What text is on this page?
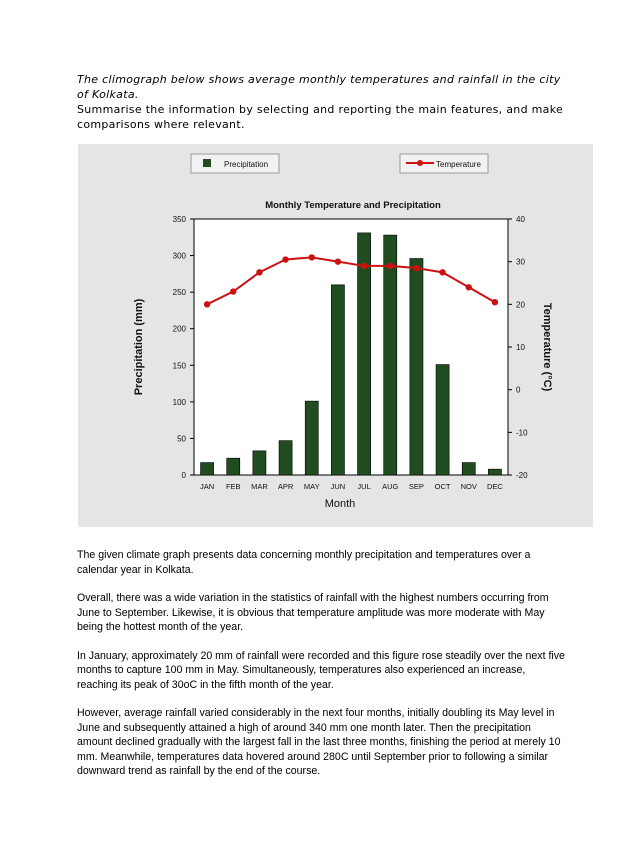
The climograph below shows average monthly temperatures and rainfall in the city of Kolkata.

Summarise the information by selecting and reporting the main features, and make comparisons where relevant.

Precipitation	Temperature
Monthly Temperature and Precipitation
0
50
100
150
200
250
300
350
-20
-10
0
10
20
30
40
JAN FEB MAR APR MAY JUN JUL AUG SEP OCT NOV DEC
Month
Precipitation (mm)	Temperature (°C)

The given climate graph presents data concerning monthly precipitation and temperatures over a calendar year in Kolkata.

Overall, there was a wide variation in the statistics of rainfall with the highest numbers occurring from June to September. Likewise, it is obvious that temperature amplitude was more moderate with May being the hottest month of the year.

In January, approximately 20 mm of rainfall were recorded and this figure rose steadily over the next five months to capture 100 mm in May. Simultaneously, temperatures also experienced an increase, reaching its peak of 30oC in the fifth month of the year.

However, average rainfall varied considerably in the next four months, initially doubling its May level in June and subsequently attained a high of around 340 mm one month later. Then the precipitation amount declined gradually with the largest fall in the last three months, finishing the period at merely 10 mm. Meanwhile, temperatures data hovered around 280C until September prior to following a similar downward trend as rainfall by the end of the course.
